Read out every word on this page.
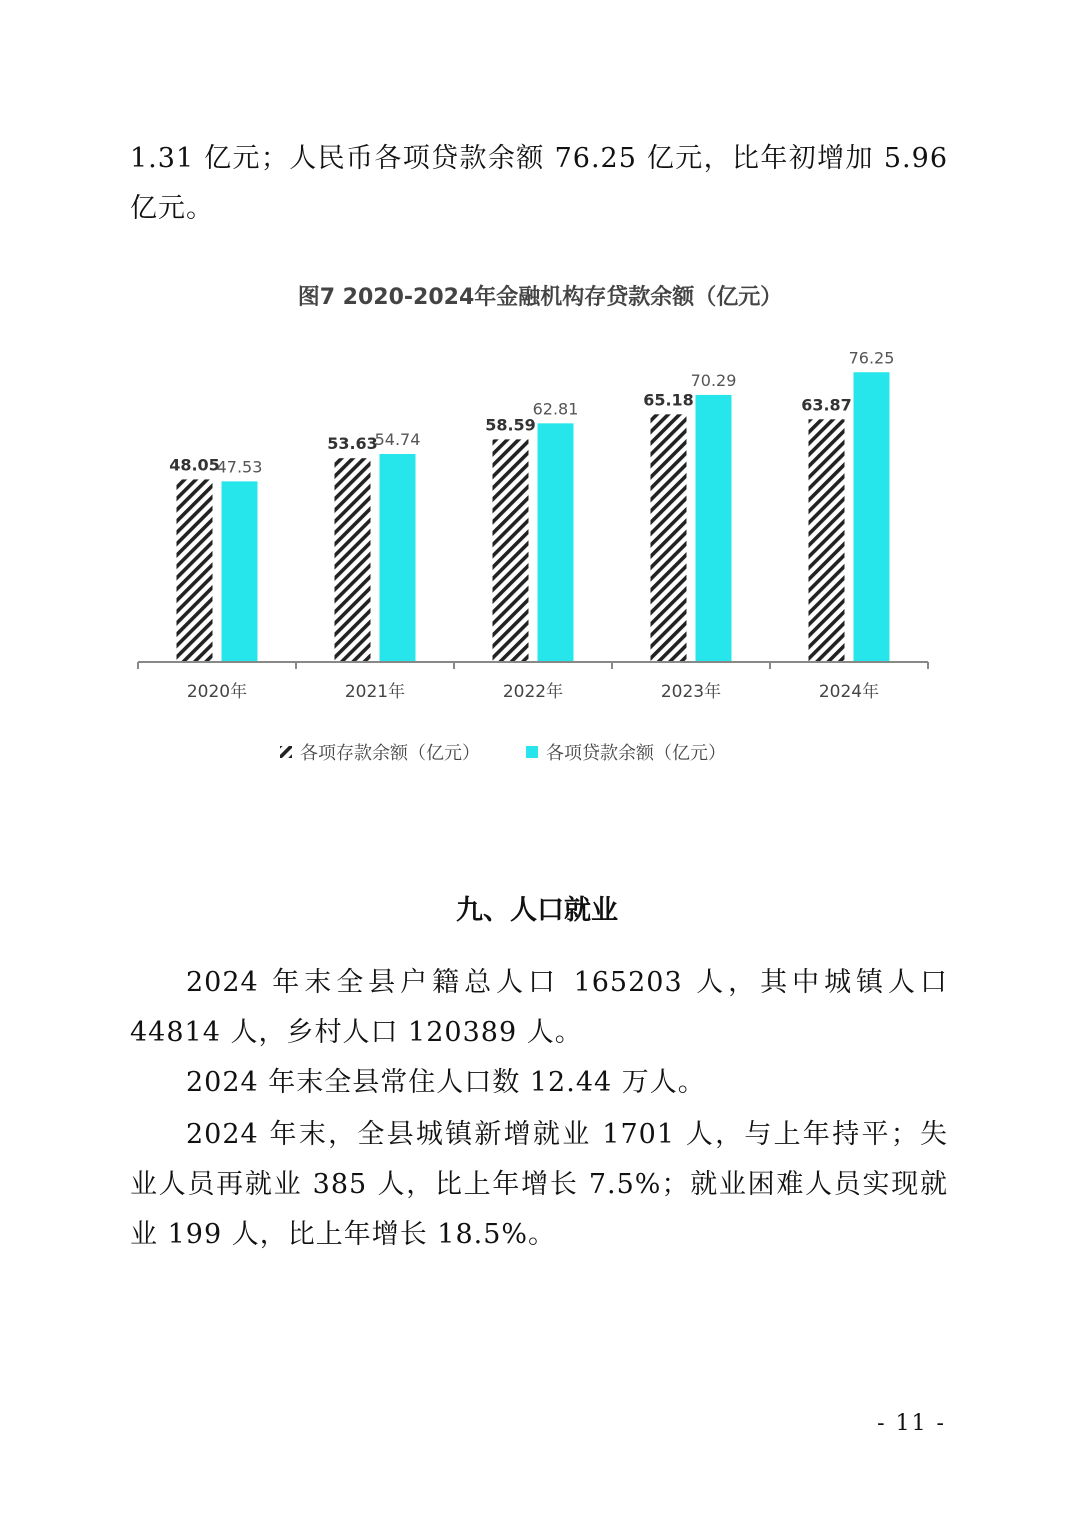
1.31 亿元；人民币各项贷款余额 76.25 亿元，比年初增加 5.96 亿元。

图7 2020-2024年金融机构存贷款余额（亿元）
48.05
47.53
53.63
54.74
58.59
62.81	65.18
70.29
63.87
76.25
2020年	2021年	2022年	2023年	2024年
各项存款余额（亿元）	各项贷款余额（亿元）
九、人口就业

2024 年末全县户籍总人口 165203 人，其中城镇人口 44814 人，乡村人口 120389 人。

2024 年末全县常住人口数 12.44 万人。

2024 年末，全县城镇新增就业 1701 人，与上年持平；失业人员再就业 385 人，比上年增长 7.5%；就业困难人员实现就业 199 人，比上年增长 18.5%。

- 11 -
